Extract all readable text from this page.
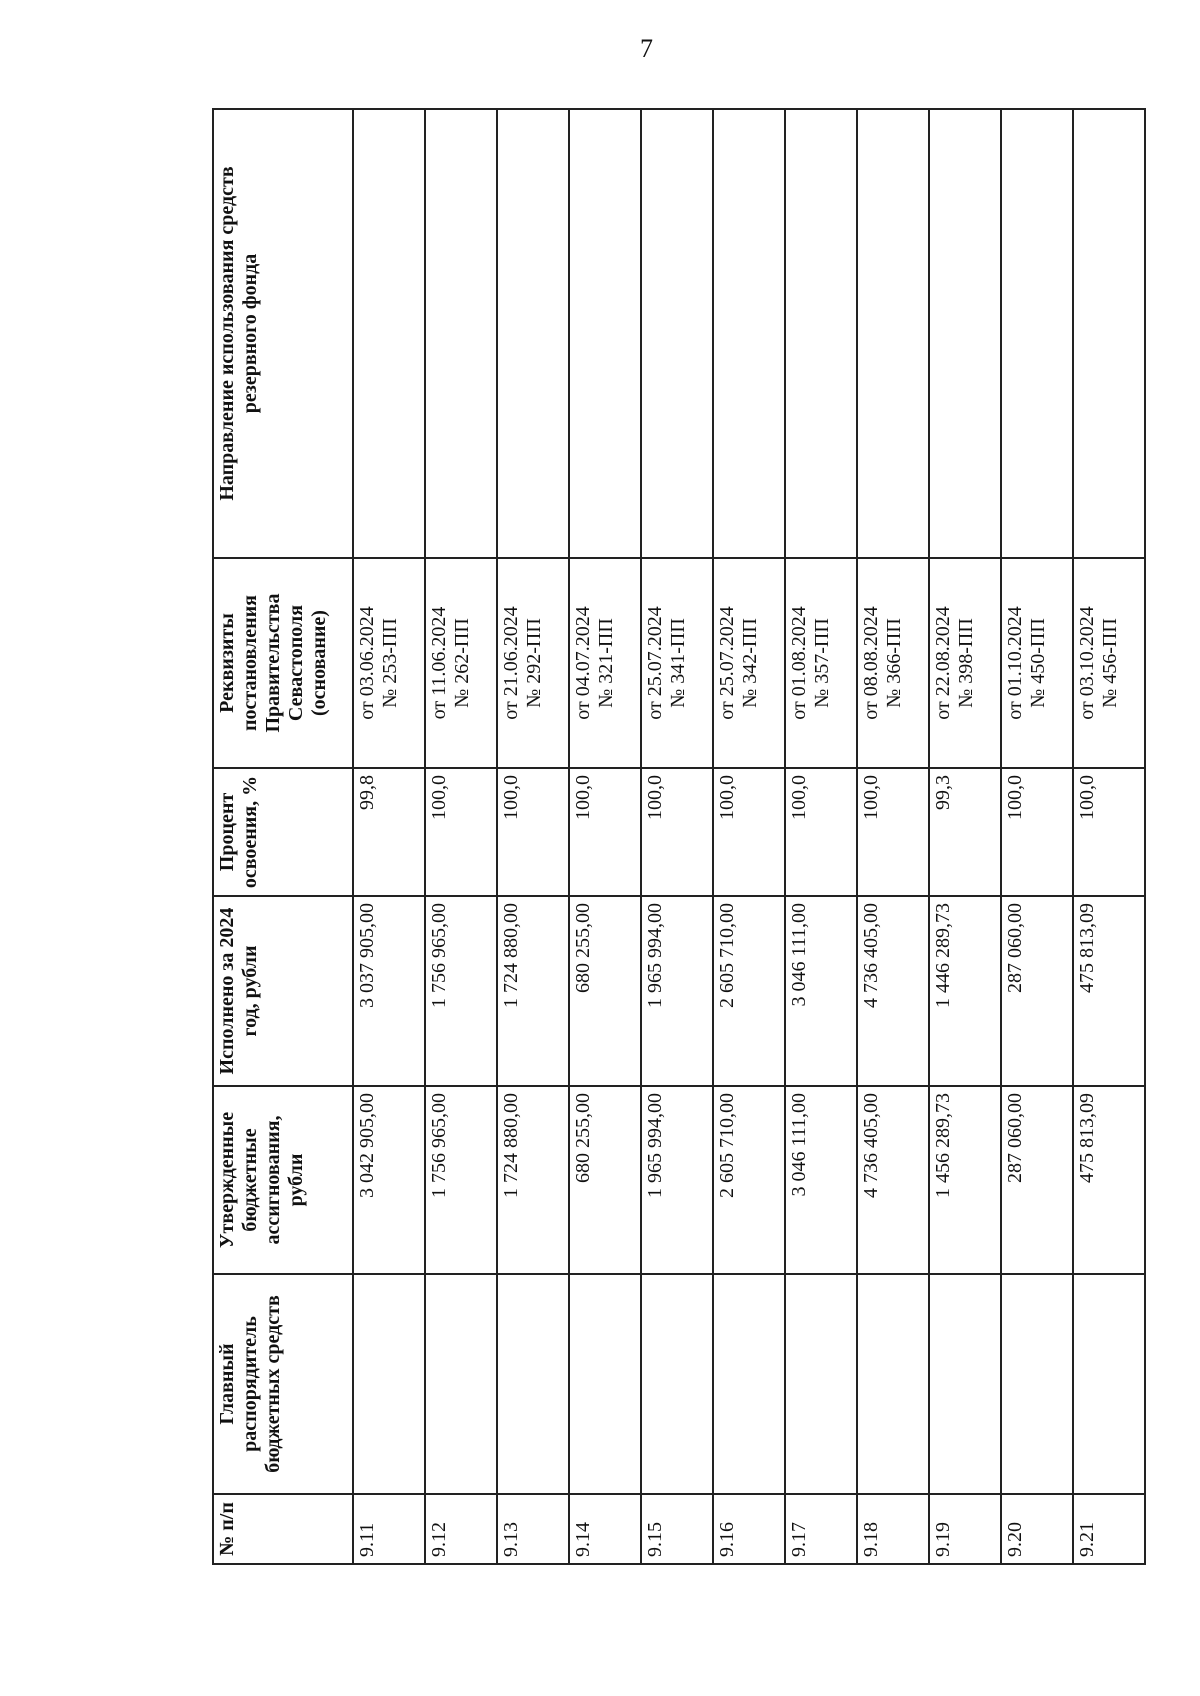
7
№ п/п	Главный распорядитель бюджетных средств	Утвержденные бюджетные ассигнования, рубли	Исполнено за 2024 год, рубли	Процент освоения, %	Реквизиты постановления Правительства Севастополя (основание)	Направление использования средств резервного фонда
9.11		3 042 905,00	3 037 905,00	99,8	от 03.06.2024 № 253-ПП	

9.12		1 756 965,00	1 756 965,00	100,0	от 11.06.2024 № 262-ПП	

9.13		1 724 880,00	1 724 880,00	100,0	от 21.06.2024 № 292-ПП	

9.14		680 255,00	680 255,00	100,0	от 04.07.2024 № 321-ПП	

9.15		1 965 994,00	1 965 994,00	100,0	от 25.07.2024 № 341-ПП	

9.16		2 605 710,00	2 605 710,00	100,0	от 25.07.2024 № 342-ПП	

9.17		3 046 111,00	3 046 111,00	100,0	от 01.08.2024 № 357-ПП	

9.18		4 736 405,00	4 736 405,00	100,0	от 08.08.2024 № 366-ПП	

9.19		1 456 289,73	1 446 289,73	99,3	от 22.08.2024 № 398-ПП	

9.20		287 060,00	287 060,00	100,0	от 01.10.2024 № 450-ПП	

9.21		475 813,09	475 813,09	100,0	от 03.10.2024 № 456-ПП	
